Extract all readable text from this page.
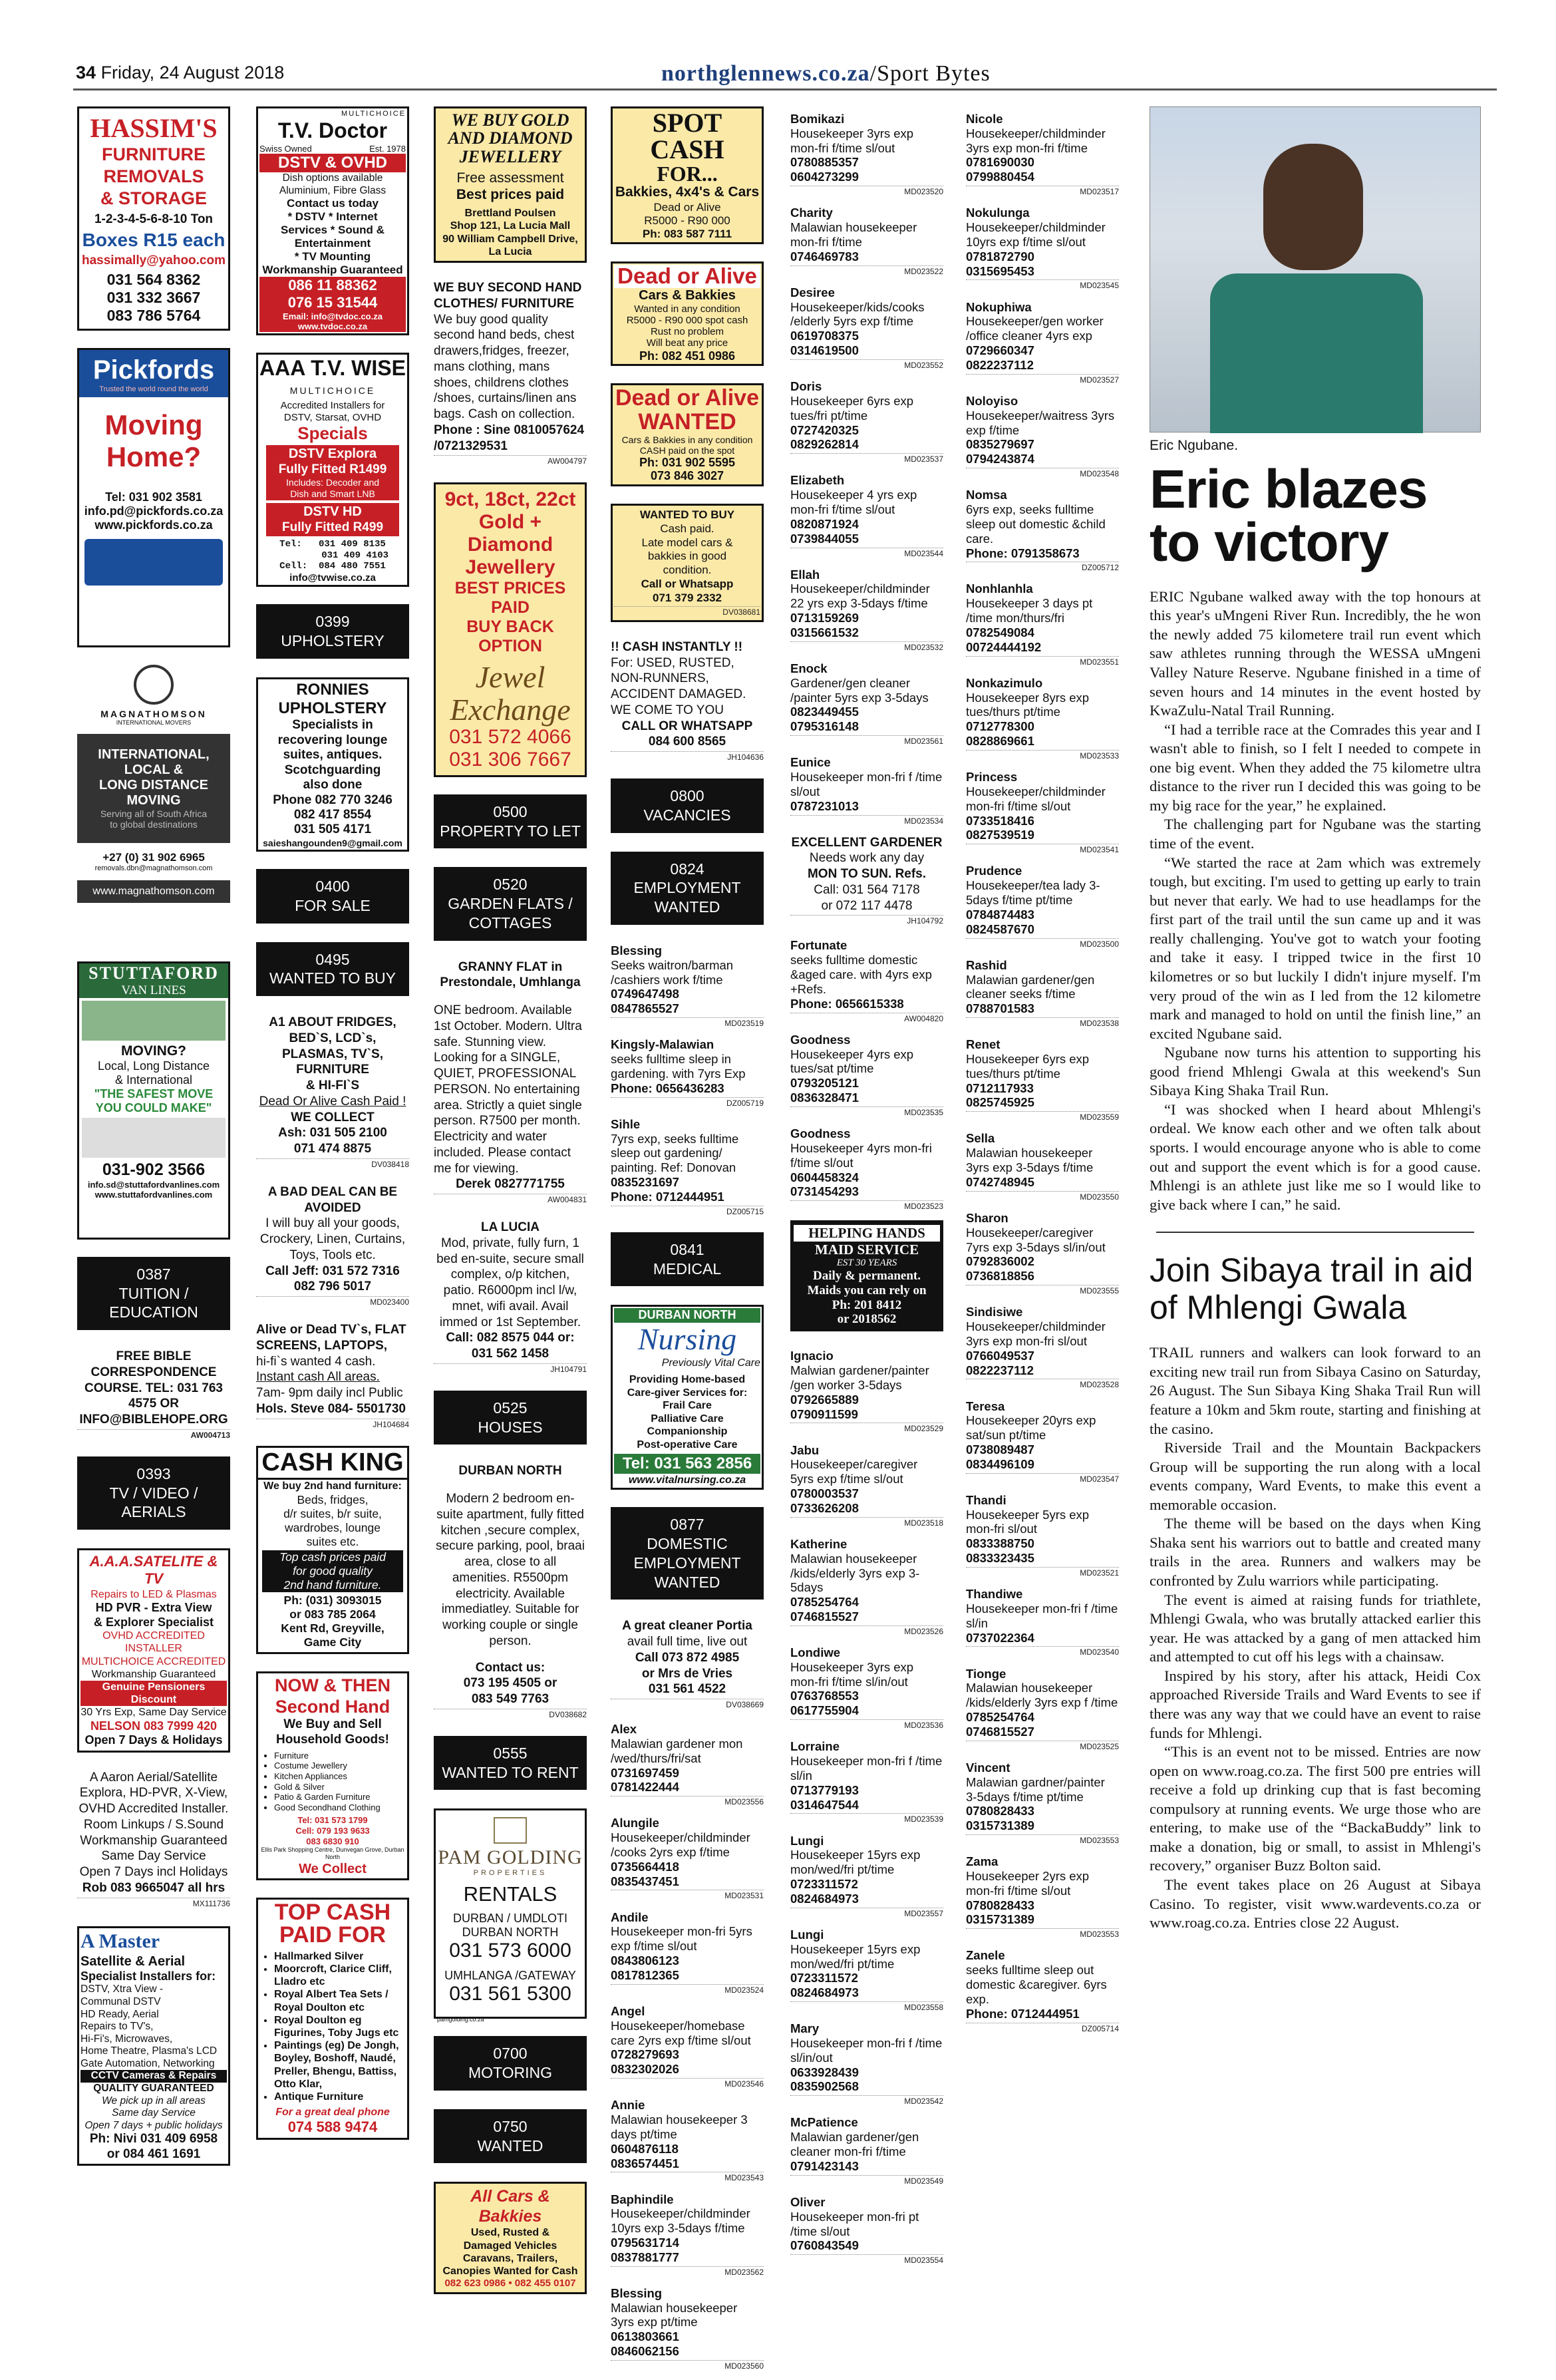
34 Friday, 24 August 2018	northglennews.co.za/Sport Bytes
HASSIM'S
FURNITURE
REMOVALS
& STORAGE
1-2-3-4-5-6-8-10 Ton
Boxes R15 each
hassimally@yahoo.com
031 564 8362
031 332 3667
083 786 5764
Pickfords
Trusted the world round the world
Moving
Home?
Tel: 031 902 3581
info.pd@pickfords.co.za
www.pickfords.co.za
MAGNATHOMSON
INTERNATIONAL MOVERS
INTERNATIONAL,
LOCAL &
LONG DISTANCE
MOVING
Serving all of South Africa
to global destinations
+27 (0) 31 902 6965
removals.dbn@magnathomson.com
www.magnathomson.com
STUTTAFORD
VAN LINES
MOVING?
Local, Long Distance
& International
"THE SAFEST MOVE
YOU COULD MAKE"
031-902 3566
info.sd@stuttafordvanlines.com
www.stuttafordvanlines.com
0387
TUITION / EDUCATION
FREE BIBLE
CORRESPONDENCE
COURSE. TEL: 031 763
4575 OR
INFO@BIBLEHOPE.ORG
AW004713
0393
TV / VIDEO / AERIALS
A.A.A.SATELITE & TV
Repairs to LED & Plasmas
HD PVR - Extra View
& Explorer Specialist
OVHD ACCREDITED INSTALLER
MULTICHOICE ACCREDITED
Workmanship Guaranteed
Genuine Pensioners Discount
30 Yrs Exp, Same Day Service
NELSON 083 7999 420
Open 7 Days & Holidays
A Aaron Aerial/Satellite
Explora, HD-PVR, X-View,
OVHD Accredited Installer.
Room Linkups / S.Sound
Workmanship Guaranteed
Same Day Service
Open 7 Days incl Holidays
Rob 083 9665047 all hrs
MX111736
A Master
Satellite & Aerial
Specialist Installers for:
DSTV, Xtra View -
Communal DSTV
HD Ready, Aerial
Repairs to TV's,
Hi-Fi's, Microwaves,
Home Theatre, Plasma's LCD
Gate Automation, Networking
CCTV Cameras & Repairs
QUALITY GUARANTEED
We pick up in all areas
Same day Service
Open 7 days + public holidays
Ph: Nivi 031 409 6958
or 084 461 1691
MULTICHOICE
T.V. Doctor
Swiss Owned	Est. 1978
DSTV & OVHD
Dish options available
Aluminium, Fibre Glass
Contact us today
* DSTV * Internet
Services * Sound &
Entertainment
* TV Mounting
Workmanship Guaranteed
086 11 88362
076 15 31544
Email: info@tvdoc.co.za
www.tvdoc.co.za
AAA T.V. WISE
MULTICHOICE
Accredited Installers for
DSTV, Starsat, OVHD
Specials
DSTV Explora
Fully Fitted R1499
Includes: Decoder and
Dish and Smart LNB
DSTV HD
Fully Fitted R499
Tel:   031 409 8135
031 409 4103
Cell:  084 480 7551
info@tvwise.co.za
0399
UPHOLSTERY
RONNIES UPHOLSTERY
Specialists in
recovering lounge
suites, antiques.
Scotchguarding
also done
Phone 082 770 3246
082 417 8554
031 505 4171
saieshangounden9@gmail.com
0400
FOR SALE
0495
WANTED TO BUY
A1 ABOUT FRIDGES,
BED`S, LCD`s,
PLASMAS, TV`S,
FURNITURE
& HI-FI`S
Dead Or Alive Cash Paid !
WE COLLECT
Ash: 031 505 2100
071 474 8875
DV038418
A BAD DEAL CAN BE
AVOIDED
I will buy all your goods,
Crockery, Linen, Curtains,
Toys, Tools etc.
Call Jeff: 031 572 7316
082 796 5017
MD023400
Alive or Dead TV`s, FLAT
SCREENS, LAPTOPS,
hi-fi`s wanted 4 cash.
Instant cash All areas.
7am- 9pm daily incl Public
Hols. Steve 084- 5501730
JH104684
CASH KING
We buy 2nd hand furniture:
Beds, fridges,
d/r suites, b/r suite,
wardrobes, lounge
suites etc.
Top cash prices paid
for good quality
2nd hand furniture.
Ph: (031) 3093015
or 083 785 2064
Kent Rd, Greyville,
Game City
NOW & THEN
Second Hand
We Buy and Sell
Household Goods!
• Furniture
• Costume Jewellery
• Kitchen Appliances
• Gold & Silver
• Patio & Garden Furniture
• Good Secondhand Clothing
Tel: 031 573 1799
Cell: 079 193 9633
083 6830 910
Ellis Park Shopping Centre, Dunvegan Grove, Durban North
We Collect
TOP CASH
PAID FOR
• Hallmarked Silver
• Moorcroft, Clarice Cliff, Lladro etc
• Royal Albert Tea Sets / Royal Doulton etc
• Royal Doulton eg Figurines, Toby Jugs etc
• Paintings (eg) De Jongh, Boyley, Boshoff, Naudé, Preller, Bhengu, Battiss, Otto Klar,
• Antique Furniture
For a great deal phone
074 588 9474
WE BUY GOLD
AND DIAMOND
JEWELLERY
Free assessment
Best prices paid
Brettland Poulsen
Shop 121, La Lucia Mall
90 William Campbell Drive,
La Lucia
WE BUY SECOND HAND
CLOTHES/ FURNITURE
We buy good quality
second hand beds, chest
drawers,fridges, freezer,
mans clothing, mans
shoes, childrens clothes
/shoes, curtains/linen ans
bags. Cash on collection.
Phone : Sine 0810057624
/0721329531
AW004797
9ct, 18ct, 22ct
Gold + Diamond
Jewellery
BEST PRICES PAID
BUY BACK OPTION
Jewel
Exchange
031 572 4066
031 306 7667
0500
PROPERTY TO LET
0520
GARDEN FLATS / COTTAGES
GRANNY FLAT in
Prestondale, Umhlanga
ONE bedroom. Available 1st October. Modern. Ultra safe. Stunning view. Looking for a SINGLE, QUIET, PROFESSIONAL PERSON. No entertaining area. Strictly a quiet single person. R7500 per month. Electricity and water included. Please contact me for viewing.
Derek 0827771755
AW004831
LA LUCIA
Mod, private, fully furn, 1 bed en-suite, secure small complex, o/p kitchen, patio. R6000pm incl l/w, mnet, wifi avail. Avail immed or 1st September.
Call: 082 8575 044 or:
031 562 1458
JH104791
0525
HOUSES
DURBAN NORTH
Modern 2 bedroom en-suite apartment, fully fitted kitchen ,secure complex, secure parking, pool, braai area, close to all amenities. R5500pm electricity. Available immediatley. Suitable for working couple or single person.
Contact us:
073 195 4505 or
083 549 7763
DV038682
0555
WANTED TO RENT
PAM GOLDING
PROPERTIES
RENTALS
DURBAN / UMDLOTI
DURBAN NORTH
031 573 6000
UMHLANGA /GATEWAY
031 561 5300
pamgolding.co.za
0700
MOTORING
0750
WANTED
All Cars & Bakkies
Used, Rusted &
Damaged Vehicles
Caravans, Trailers,
Canopies Wanted for Cash
082 623 0986 • 082 455 0107
SPOT
CASH
FOR...
Bakkies, 4x4's & Cars
Dead or Alive
R5000 - R90 000
Ph: 083 587 7111
Dead or Alive
Cars & Bakkies
Wanted in any condition
R5000 - R90 000 spot cash
Rust no problem
Will beat any price
Ph: 082 451 0986
Dead or Alive
WANTED
Cars & Bakkies in any condition
CASH paid on the spot
Ph: 031 902 5595
073 846 3027
WANTED TO BUY
Cash paid.
Late model cars &
bakkies in good
condition.
Call or Whatsapp
071 379 2332
DV038681
!! CASH INSTANTLY !!
For: USED, RUSTED,
NON-RUNNERS,
ACCIDENT DAMAGED.
WE COME TO YOU
CALL OR WHATSAPP
084 600 8565
JH104636
0800
VACANCIES
0824
EMPLOYMENT WANTED
Blessing
Seeks waitron/barman /cashiers work f/time
0749647498
0847865527
MD023519
Kingsly-Malawian
seeks fulltime sleep in gardening. with 7yrs Exp
Phone: 0656436283
DZ005719
Sihle
7yrs exp, seeks fulltime sleep out gardening/ painting. Ref: Donovan
0835231697
Phone: 0712444951
DZ005715
0841
MEDICAL
DURBAN NORTH
Nursing
Previously Vital Care
Providing Home-based
Care-giver Services for:
Frail Care
Palliative Care
Companionship
Post-operative Care
Tel: 031 563 2856
www.vitalnursing.co.za
0877
DOMESTIC EMPLOYMENT WANTED
A great cleaner Portia
avail full time, live out
Call 073 872 4985
or Mrs de Vries
031 561 4522
DV038669
Alex
Malawian gardener mon /wed/thurs/fri/sat
0731697459
0781422444
MD023556
Alungile
Housekeeper/childminder /cooks 2yrs exp f/time
0735664418
0835437451
MD023531
Andile
Housekeeper mon-fri 5yrs exp f/time sl/out
0843806123
0817812365
MD023524
Angel
Housekeeper/homebase care 2yrs exp f/time sl/out
0728279693
0832302026
MD023546
Annie
Malawian housekeeper 3 days pt/time
0604876118
0836574451
MD023543
Baphindile
Housekeeper/childminder 10yrs exp 3-5days f/time
0795631714
0837881777
MD023562
Blessing
Malawian housekeeper 3yrs exp pt/time
0613803661
0846062156
MD023560
Bomikazi
Housekeeper 3yrs exp mon-fri f/time sl/out
0780885357
0604273299
MD023520
Charity
Malawian housekeeper mon-fri f/time
0746469783
MD023522
Desiree
Housekeeper/kids/cooks /elderly 5yrs exp f/time
0619708375
0314619500
MD023552
Doris
Housekeeper 6yrs exp tues/fri pt/time
0727420325
0829262814
MD023537
Elizabeth
Housekeeper 4 yrs exp mon-fri f/time sl/out
0820871924
0739844055
MD023544
Ellah
Housekeeper/childminder 22 yrs exp 3-5days f/time
0713159269
0315661532
MD023532
Enock
Gardener/gen cleaner /painter 5yrs exp 3-5days
0823449455
0795316148
MD023561
Eunice
Housekeeper mon-fri f /time sl/out
0787231013
MD023534
EXCELLENT GARDENER
Needs work any day
MON TO SUN. Refs.
Call: 031 564 7178
or 072 117 4478
JH104792
Fortunate
seeks fulltime domestic &aged care. with 4yrs exp +Refs.
Phone: 0656615338
AW004820
Goodness
Housekeeper 4yrs exp tues/sat pt/time
0793205121
0836328471
MD023535
Goodness
Housekeeper 4yrs mon-fri f/time sl/out
0604458324
0731454293
MD023523
HELPING HANDS
MAID SERVICE
EST 30 YEARS
Daily & permanent.
Maids you can rely on
Ph: 201 8412
or 2018562
Ignacio
Malwian gardener/painter /gen worker 3-5days
0792665889
0790911599
MD023529
Jabu
Housekeeper/caregiver 5yrs exp f/time sl/out
0780003537
0733626208
MD023518
Katherine
Malawian housekeeper /kids/elderly 3yrs exp 3-5days
0785254764
0746815527
MD023526
Londiwe
Housekeeper 3yrs exp mon-fri f/time sl/in/out
0763768553
0617755904
MD023536
Lorraine
Housekeeper mon-fri f /time sl/in
0713779193
0314647544
MD023539
Lungi
Housekeeper 15yrs exp mon/wed/fri pt/time
0723311572
0824684973
MD023557
Lungi
Housekeeper 15yrs exp mon/wed/fri pt/time
0723311572
0824684973
MD023558
Mary
Housekeeper mon-fri f /time sl/in/out
0633928439
0835902568
MD023542
McPatience
Malawian gardener/gen cleaner mon-fri f/time
0791423143
MD023549
Oliver
Housekeeper mon-fri pt /time sl/out
0760843549
MD023554
Nicole
Housekeeper/childminder 3yrs exp mon-fri f/time
0781690030
0799880454
MD023517
Nokulunga
Housekeeper/childminder 10yrs exp f/time sl/out
0781872790
0315695453
MD023545
Nokuphiwa
Housekeeper/gen worker /office cleaner 4yrs exp
0729660347
0822237112
MD023527
Noloyiso
Housekeeper/waitress 3yrs exp f/time
0835279697
0794243874
MD023548
Nomsa
6yrs exp, seeks fulltime sleep out domestic &child care.
Phone: 0791358673
DZ005712
Nonhlanhla
Housekeeper 3 days pt /time mon/thurs/fri
0782549084
00724444192
MD023551
Nonkazimulo
Housekeeper 8yrs exp tues/thurs pt/time
0712778300
0828869661
MD023533
Princess
Housekeeper/childminder mon-fri f/time sl/out
0733518416
0827539519
MD023541
Prudence
Housekeeper/tea lady 3-5days f/time pt/time
0784874483
0824587670
MD023500
Rashid
Malawian gardener/gen cleaner seeks f/time
0788701583
MD023538
Renet
Housekeeper 6yrs exp tues/thurs pt/time
0712117933
0825745925
MD023559
Sella
Malawian housekeeper 3yrs exp 3-5days f/time
0742748945
MD023550
Sharon
Housekeeper/caregiver 7yrs exp 3-5days sl/in/out
0792836002
0736818856
MD023555
Sindisiwe
Housekeeper/childminder 3yrs exp mon-fri sl/out
0766049537
0822237112
MD023528
Teresa
Housekeeper 20yrs exp sat/sun pt/time
0738089487
0834496109
MD023547
Thandi
Housekeeper 5yrs exp mon-fri sl/out
0833388750
0833323435
MD023521
Thandiwe
Housekeeper mon-fri f /time sl/in
0737022364
MD023540
Tionge
Malawian housekeeper /kids/elderly 3yrs exp f /time
0785254764
0746815527
MD023525
Vincent
Malawian gardner/painter 3-5days f/time pt/time
0780828433
0315731389
MD023553
Zama
Housekeeper 2yrs exp mon-fri f/time sl/out
0780828433
0315731389
MD023553
Zanele
seeks fulltime sleep out domestic &caregiver. 6yrs exp.
Phone: 0712444951
DZ005714
Eric Ngubane.
Eric blazes to victory

ERIC Ngubane walked away with the top honours at this year's uMngeni River Run. Incredibly, the he won the newly added 75 kilometere trail run event which saw athletes running through the WESSA uMngeni Valley Nature Reserve. Ngubane finished in a time of seven hours and 14 minutes in the event hosted by KwaZulu-Natal Trail Running.

“I had a terrible race at the Comrades this year and I wasn't able to finish, so I felt I needed to compete in one big event. When they added the 75 kilometre ultra distance to the river run I decided this was going to be my big race for the year,” he explained.

The challenging part for Ngubane was the starting time of the event.

“We started the race at 2am which was extremely tough, but exciting. I'm used to getting up early to train but never that early. We had to use headlamps for the first part of the trail until the sun came up and it was really challenging. You've got to watch your footing and take it easy. I tripped twice in the first 10 kilometres or so but luckily I didn't injure myself. I'm very proud of the win as I led from the 12 kilometre mark and managed to hold on until the finish line,” an excited Ngubane said.

Ngubane now turns his attention to supporting his good friend Mhlengi Gwala at this weekend's Sun Sibaya King Shaka Trail Run.

“I was shocked when I heard about Mhlengi's ordeal. We know each other and we often talk about sports. I would encourage anyone who is able to come out and support the event which is for a good cause. Mhlengi is an athlete just like me so I would like to give back where I can,” he said.

Join Sibaya trail in aid of Mhlengi Gwala

TRAIL runners and walkers can look forward to an exciting new trail run from Sibaya Casino on Saturday, 26 August. The Sun Sibaya King Shaka Trail Run will feature a 10km and 5km route, starting and finishing at the casino.

Riverside Trail and the Mountain Backpackers Group will be supporting the run along with a local events company, Ward Events, to make this event a memorable occasion.

The theme will be based on the days when King Shaka sent his warriors out to battle and created many trails in the area. Runners and walkers may be confronted by Zulu warriors while participating.

The event is aimed at raising funds for triathlete, Mhlengi Gwala, who was brutally attacked earlier this year. He was attacked by a gang of men attacked him and attempted to cut off his legs with a chainsaw.

Inspired by his story, after his attack, Heidi Cox approached Riverside Trails and Ward Events to see if there was any way that we could have an event to raise funds for Mhlengi.

“This is an event not to be missed. Entries are now open on www.roag.co.za. The first 500 pre entries will receive a fold up drinking cup that is fast becoming compulsory at running events. We urge those who are entering, to make use of the “BackaBuddy” link to make a donation, big or small, to assist in Mhlengi's recovery,” organiser Buzz Bolton said.

The event takes place on 26 August at Sibaya Casino. To register, visit www.wardevents.co.za or www.roag.co.za. Entries close 22 August.
